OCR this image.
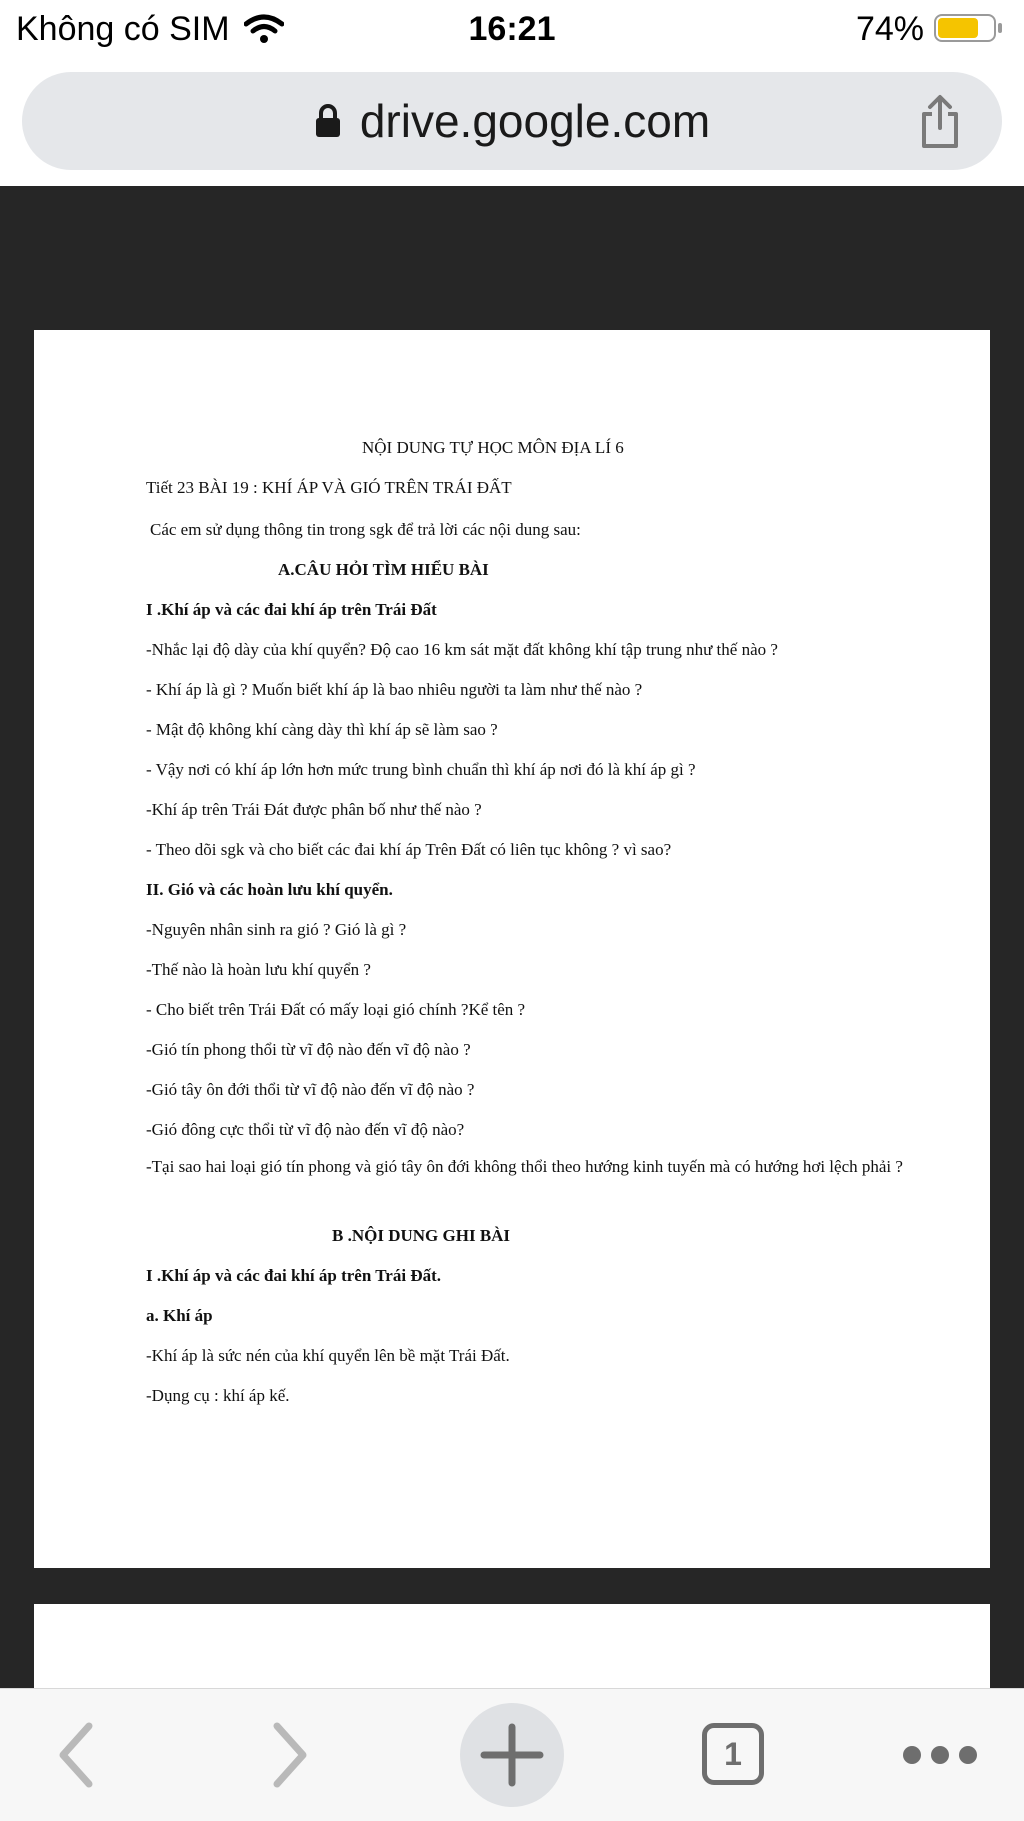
Không có SIM	16:21	74%
drive.google.com
NỘI DUNG TỰ HỌC MÔN ĐỊA LÍ 6
Tiết 23 BÀI 19 : KHÍ ÁP VÀ GIÓ TRÊN TRÁI ĐẤT
Các em sử dụng thông tin trong sgk để trả lời các nội dung sau:
A.CÂU HỎI TÌM HIỂU BÀI
I .Khí áp và các đai khí áp trên Trái Đất
-Nhắc lại độ dày của khí quyển? Độ cao 16 km sát mặt đất không khí tập trung như thế nào ?
- Khí áp là gì ? Muốn biết khí áp là bao nhiêu người ta làm như thế nào ?
- Mật độ không khí càng dày thì khí áp sẽ làm sao ?
- Vậy nơi có khí áp lớn hơn mức trung bình chuẩn thì khí áp nơi đó là khí áp gì ?
-Khí áp trên Trái Đát được phân bố như thế nào ?
- Theo dõi sgk và cho biết các đai khí áp Trên Đất có liên tục không ? vì sao?
II. Gió và các hoàn lưu khí quyển.
-Nguyên nhân sinh ra gió ? Gió là gì ?
-Thế nào là hoàn lưu khí quyển ?
- Cho biết trên Trái Đất có mấy loại gió chính ?Kể tên ?
-Gió tín phong thổi từ vĩ độ nào đến vĩ độ nào ?
-Gió tây ôn đới thổi từ vĩ độ nào đến vĩ độ nào ?
-Gió đông cực thổi từ vĩ độ nào đến vĩ độ nào?
-Tại sao hai loại gió tín phong và gió tây ôn đới không thổi theo hướng kinh tuyến mà có hướng hơi lệch phải ?
B .NỘI DUNG GHI BÀI
I .Khí áp và các đai khí áp trên Trái Đất.
a. Khí áp
-Khí áp là sức nén của khí quyển lên bề mặt Trái Đất.
-Dụng cụ : khí áp kế.
1
